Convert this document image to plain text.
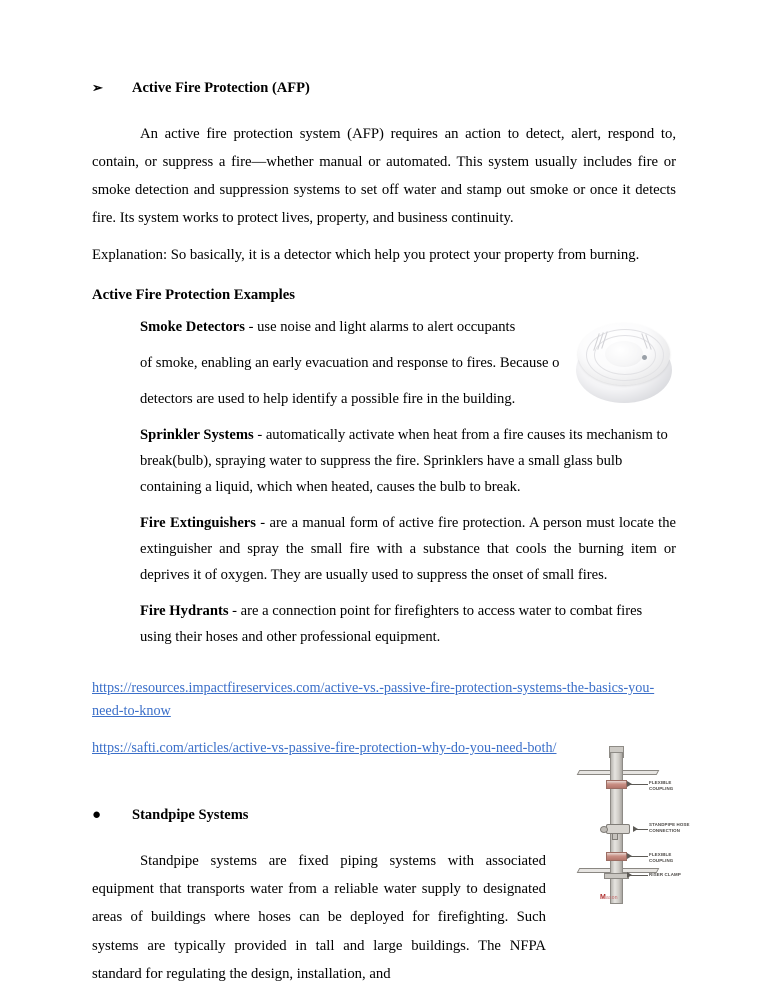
➢	Active Fire Protection (AFP)

An active fire protection system (AFP) requires an action to detect, alert, respond to, contain, or suppress a fire—whether manual or automated. This system usually includes fire or smoke detection and suppression systems to set off water and stamp out smoke or once it detects fire. Its system works to protect lives, property, and business continuity.

Explanation: So basically, it is a detector which help you protect your property from burning.

Active Fire Protection Examples

Smoke Detectors - use noise and light alarms to alert occupants

of smoke, enabling an early evacuation and response to fires. Because o

detectors are used to help identify a possible fire in the building.

Sprinkler Systems - automatically activate when heat from a fire causes its mechanism to break(bulb), spraying water to suppress the fire. Sprinklers have a small glass bulb containing a liquid, which when heated, causes the bulb to break.

Fire Extinguishers - are a manual form of active fire protection. A person must locate the extinguisher and spray the small fire with a substance that cools the burning item or deprives it of oxygen. They are usually used to suppress the onset of small fires.

Fire Hydrants - are a connection point for firefighters to access water to combat fires using their hoses and other professional equipment.

https://resources.impactfireservices.com/active-vs.-passive-fire-protection-systems-the-basics-you-need-to-know
https://safti.com/articles/active-vs-passive-fire-protection-why-do-you-need-both/
●	Standpipe Systems

Standpipe systems are fixed piping systems with associated equipment that transports water from a reliable water supply to designated areas of buildings where hoses can be deployed for firefighting. Such systems are typically provided in tall and large buildings. The NFPA standard for regulating the design, installation, and

FLEXIBLE COUPLING
STANDPIPE HOSE CONNECTION
FLEXIBLE COUPLING
RISER CLAMP
Mason
